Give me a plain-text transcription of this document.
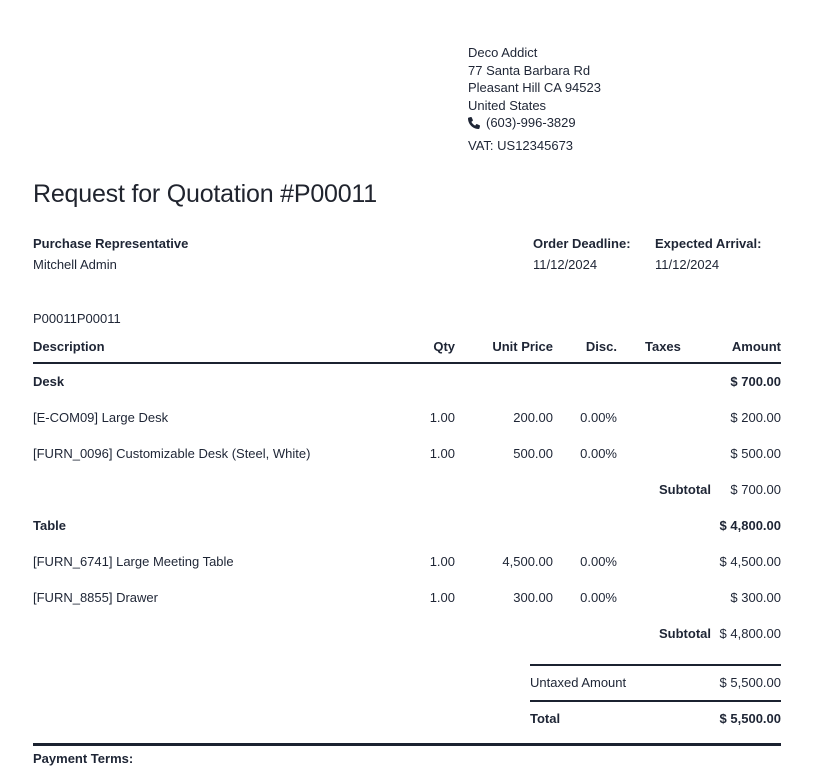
Deco Addict
77 Santa Barbara Rd
Pleasant Hill CA 94523
United States
(603)-996-3829
VAT: US12345673
Request for Quotation #P00011
Purchase Representative
Mitchell Admin
Order Deadline:
11/12/2024
Expected Arrival:
11/12/2024
P00011P00011
Description	Qty	Unit Price	Disc.	Taxes	Amount
Desk					$ 700.00
[E-COM09] Large Desk	1.00	200.00	0.00%		$ 200.00
[FURN_0096] Customizable Desk (Steel, White)	1.00	500.00	0.00%		$ 500.00
Subtotal					$ 700.00
Table					$ 4,800.00
[FURN_6741] Large Meeting Table	1.00	4,500.00	0.00%		$ 4,500.00
[FURN_8855] Drawer	1.00	300.00	0.00%		$ 300.00
Subtotal					$ 4,800.00
Untaxed Amount	$ 5,500.00
Total	$ 5,500.00
Payment Terms:
